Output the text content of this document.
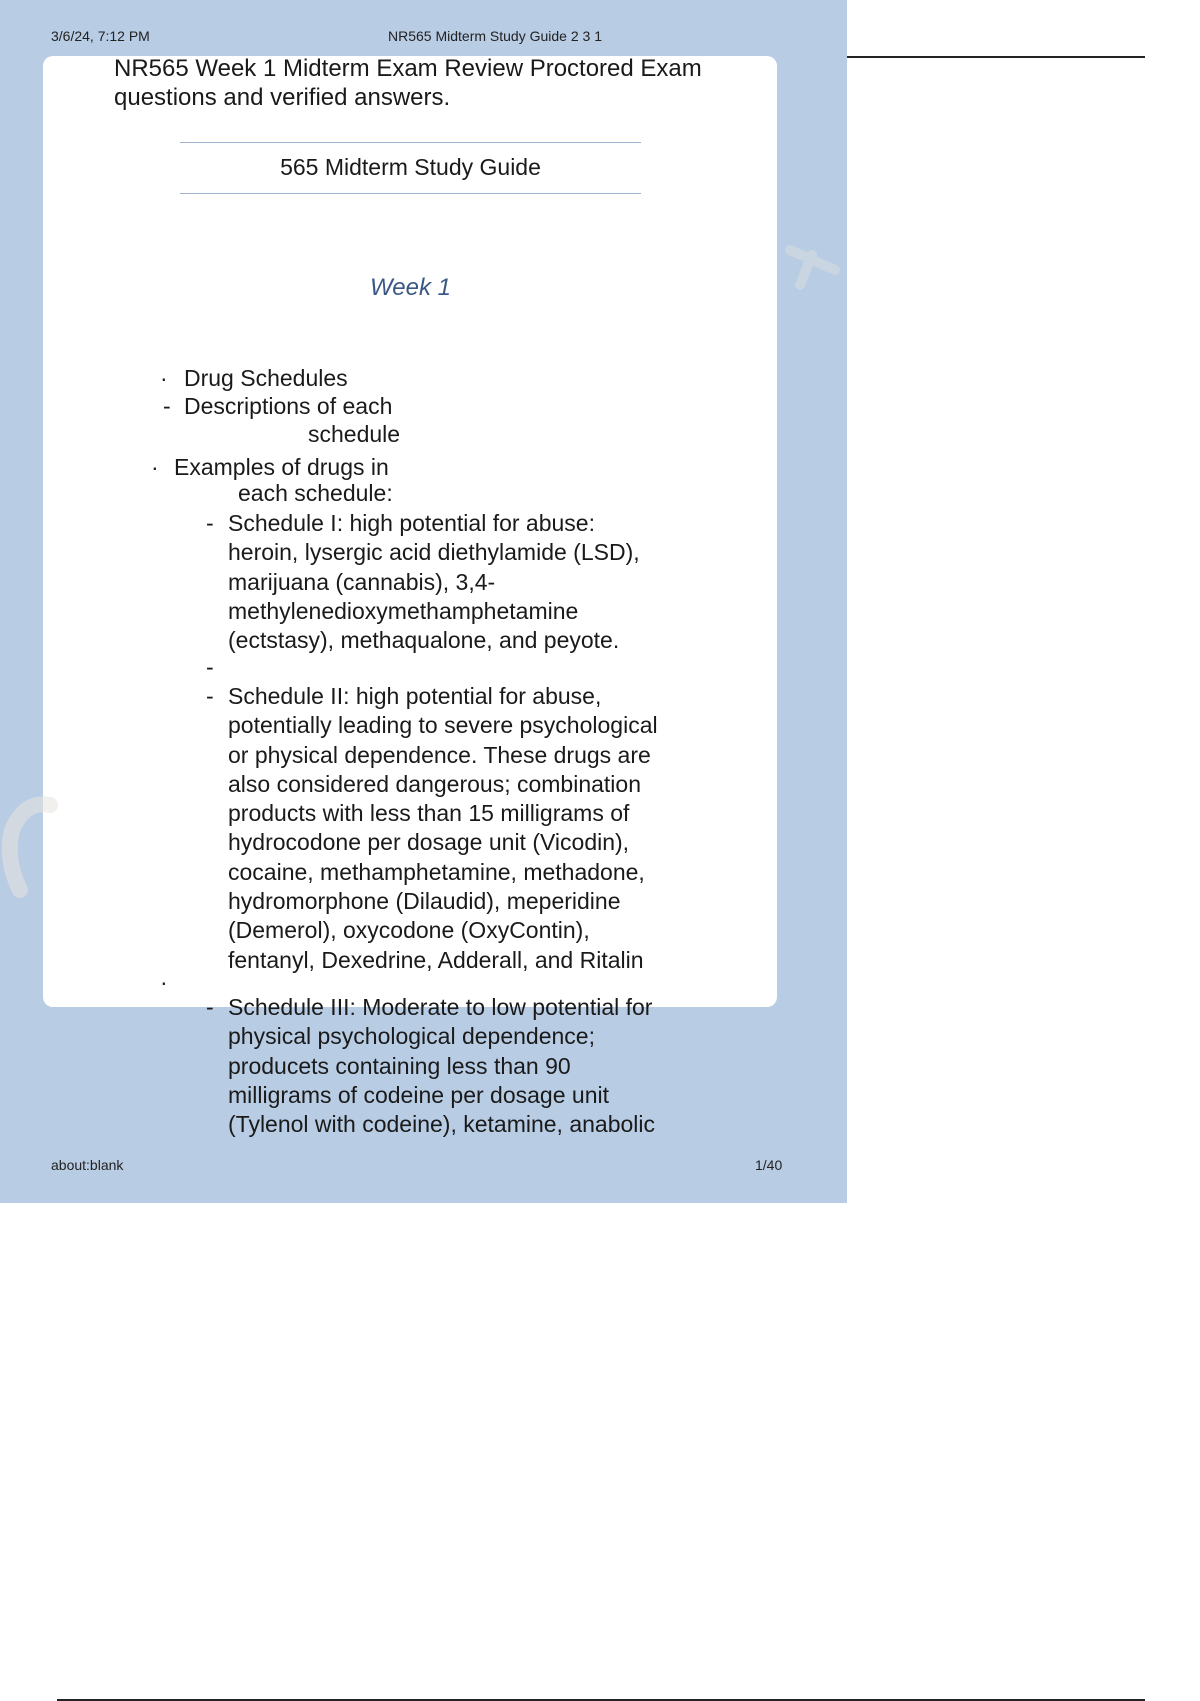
3/6/24, 7:12 PM	NR565 Midterm Study Guide 2 3 1
NR565 Week 1 Midterm Exam Review Proctored Exam
questions and verified answers.
565 Midterm Study Guide
Week 1
· Drug Schedules
- Descriptions of each
schedule
· Examples of drugs in
each schedule:
- Schedule I: high potential for abuse:
heroin, lysergic acid diethylamide (LSD),
marijuana (cannabis), 3,4-
methylenedioxymethamphetamine
(ectstasy), methaqualone, and peyote.
-
- Schedule II: high potential for abuse,
potentially leading to severe psychological
or physical dependence. These drugs are
also considered dangerous; combination
products with less than 15 milligrams of
hydrocodone per dosage unit (Vicodin),
cocaine, methamphetamine, methadone,
hydromorphone (Dilaudid), meperidine
(Demerol), oxycodone (OxyContin),
fentanyl, Dexedrine, Adderall, and Ritalin
·
- Schedule III: Moderate to low potential for
physical psychological dependence;
producets containing less than 90
milligrams of codeine per dosage unit
(Tylenol with codeine), ketamine, anabolic
about:blank	1/40
